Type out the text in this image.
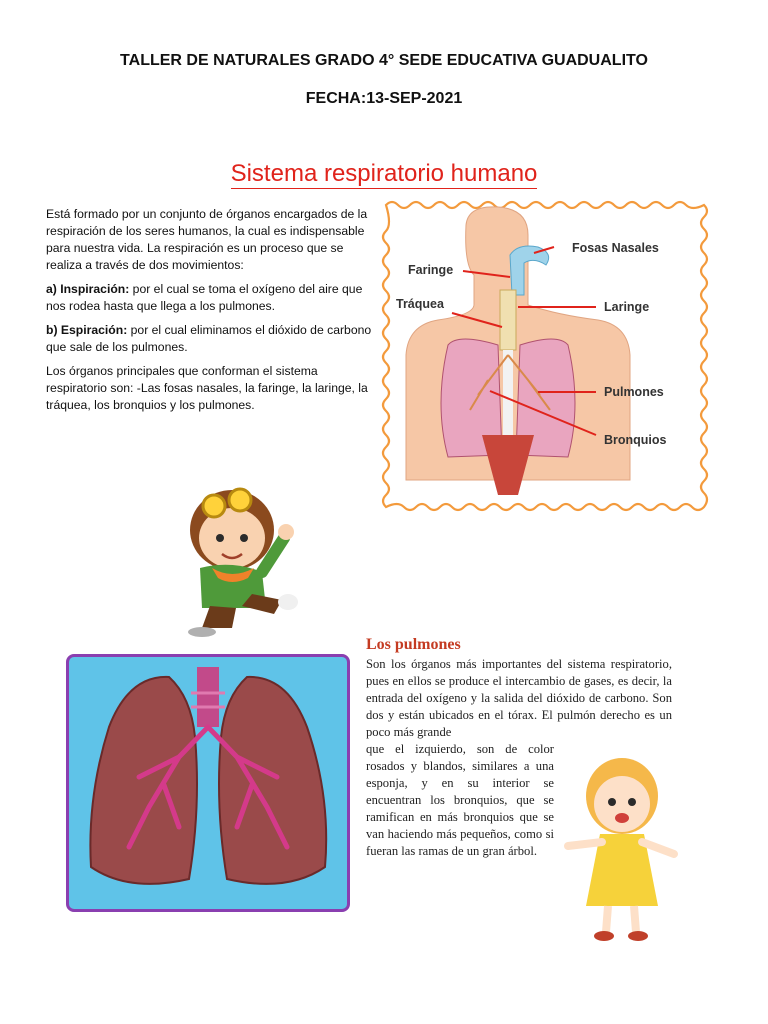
TALLER DE NATURALES GRADO 4° SEDE EDUCATIVA GUADUALITO
FECHA:13-SEP-2021
Sistema respiratorio humano

Está formado por un conjunto de órganos encargados de la respiración de los seres humanos, la cual es indispensable para nuestra vida. La respiración es un proceso que se realiza a través de dos movimientos:

a) Inspiración: por el cual se toma el oxígeno del aire que nos rodea hasta que llega a los pulmones.

b) Espiración: por el cual eliminamos el dióxido de carbono que sale de los pulmones.

Los órganos principales que conforman el sistema respiratorio son: -Las fosas nasales, la faringe, la laringe, la tráquea, los bronquios y los pulmones.

Fosas Nasales
Faringe
Tráquea	Laringe
Pulmones
Bronquios
Los pulmones
Son los órganos más importantes del sistema respiratorio, pues en ellos se produce el intercambio de gases, es decir, la entrada del oxígeno y la salida del dióxido de carbono. Son dos y están ubicados en el tórax. El pulmón derecho es un poco más grande
que el izquierdo, son de color rosados y blandos, similares a una esponja, y en su interior se encuentran los bronquios, que se ramifican en más bronquios que se van haciendo más pequeños, como si fueran las ramas de un gran árbol.
